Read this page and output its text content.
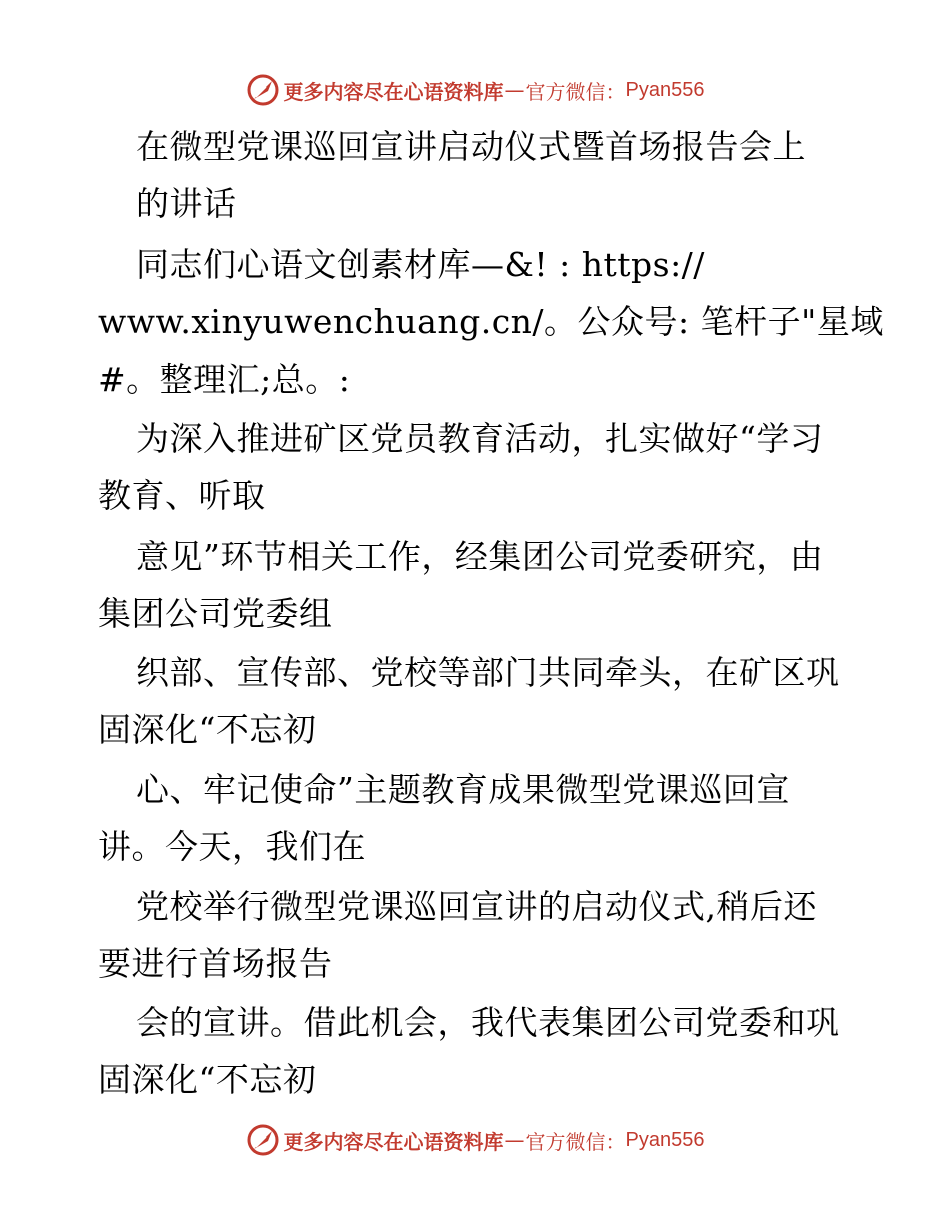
更多内容尽在心语资料库 — 官方微信： Pyan556
在微型党课巡回宣讲启动仪式暨首场报告会上
的讲话
同志们心语文创素材库—&! : https://
www.xinyuwenchuang.cn/。公众号: 笔杆子"星域
#。整理汇;总。:
为深入推进矿区党员教育活动，扎实做好“学习
教育、听取
意见”环节相关工作，经集团公司党委研究，由
集团公司党委组
织部、宣传部、党校等部门共同牵头，在矿区巩
固深化“不忘初
心、牢记使命”主题教育成果微型党课巡回宣
讲。今天，我们在
党校举行微型党课巡回宣讲的启动仪式,稍后还
要进行首场报告
会的宣讲。借此机会，我代表集团公司党委和巩
固深化“不忘初
更多内容尽在心语资料库 — 官方微信： Pyan556
